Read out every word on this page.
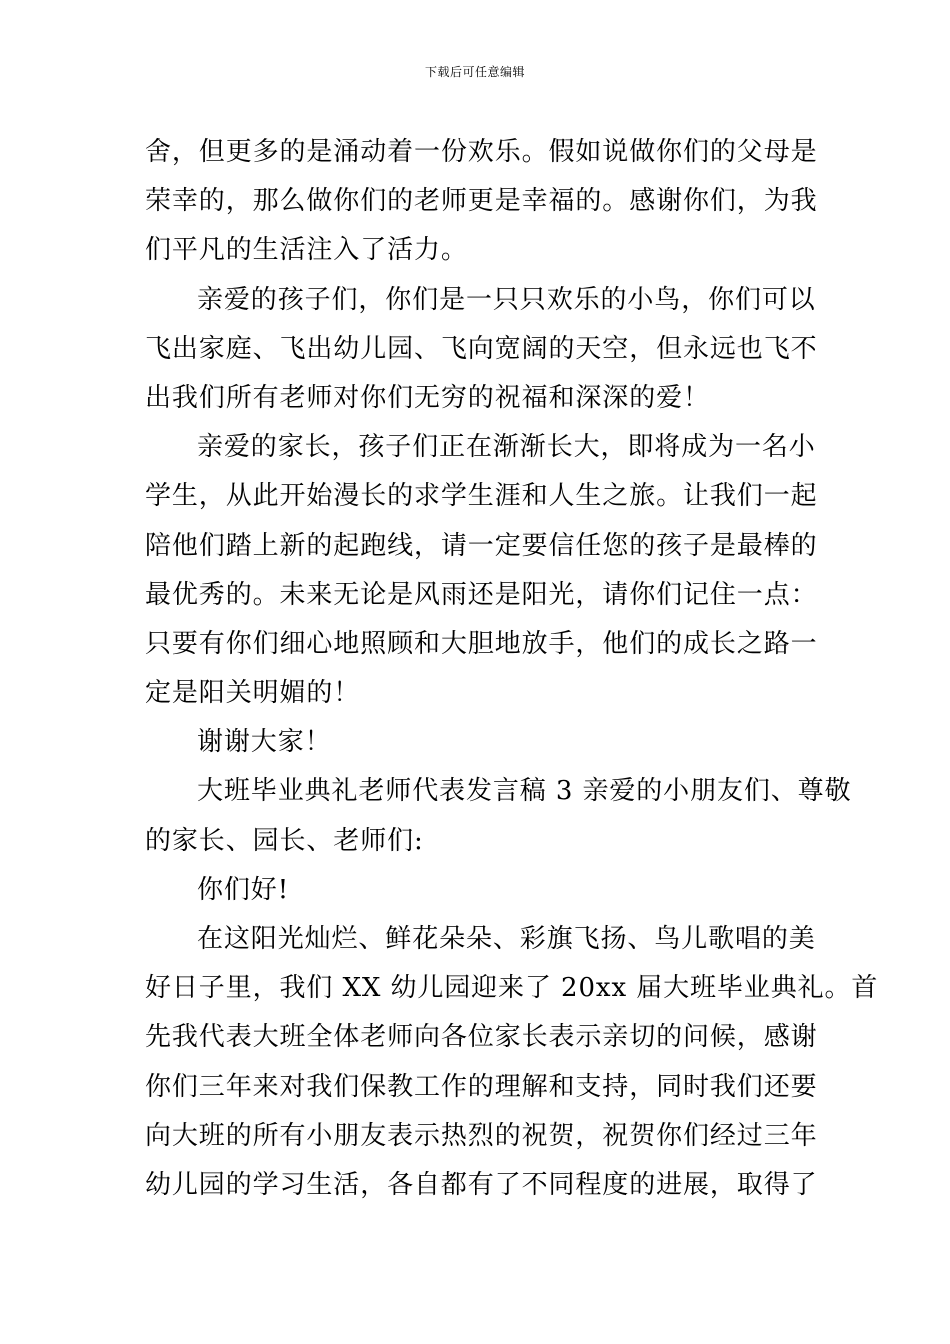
下载后可任意编辑
舍，但更多的是涌动着一份欢乐。假如说做你们的父母是
荣幸的，那么做你们的老师更是幸福的。感谢你们，为我
们平凡的生活注入了活力。
亲爱的孩子们，你们是一只只欢乐的小鸟，你们可以
飞出家庭、飞出幼儿园、飞向宽阔的天空，但永远也飞不
出我们所有老师对你们无穷的祝福和深深的爱！
亲爱的家长，孩子们正在渐渐长大，即将成为一名小
学生，从此开始漫长的求学生涯和人生之旅。让我们一起
陪他们踏上新的起跑线，请一定要信任您的孩子是最棒的
最优秀的。未来无论是风雨还是阳光，请你们记住一点：
只要有你们细心地照顾和大胆地放手，他们的成长之路一
定是阳关明媚的！
谢谢大家！
大班毕业典礼老师代表发言稿 3 亲爱的小朋友们、尊敬
的家长、园长、老师们:
你们好!
在这阳光灿烂、鲜花朵朵、彩旗飞扬、鸟儿歌唱的美
好日子里，我们 XX 幼儿园迎来了 20xx 届大班毕业典礼。首
先我代表大班全体老师向各位家长表示亲切的问候，感谢
你们三年来对我们保教工作的理解和支持，同时我们还要
向大班的所有小朋友表示热烈的祝贺，祝贺你们经过三年
幼儿园的学习生活，各自都有了不同程度的进展，取得了
